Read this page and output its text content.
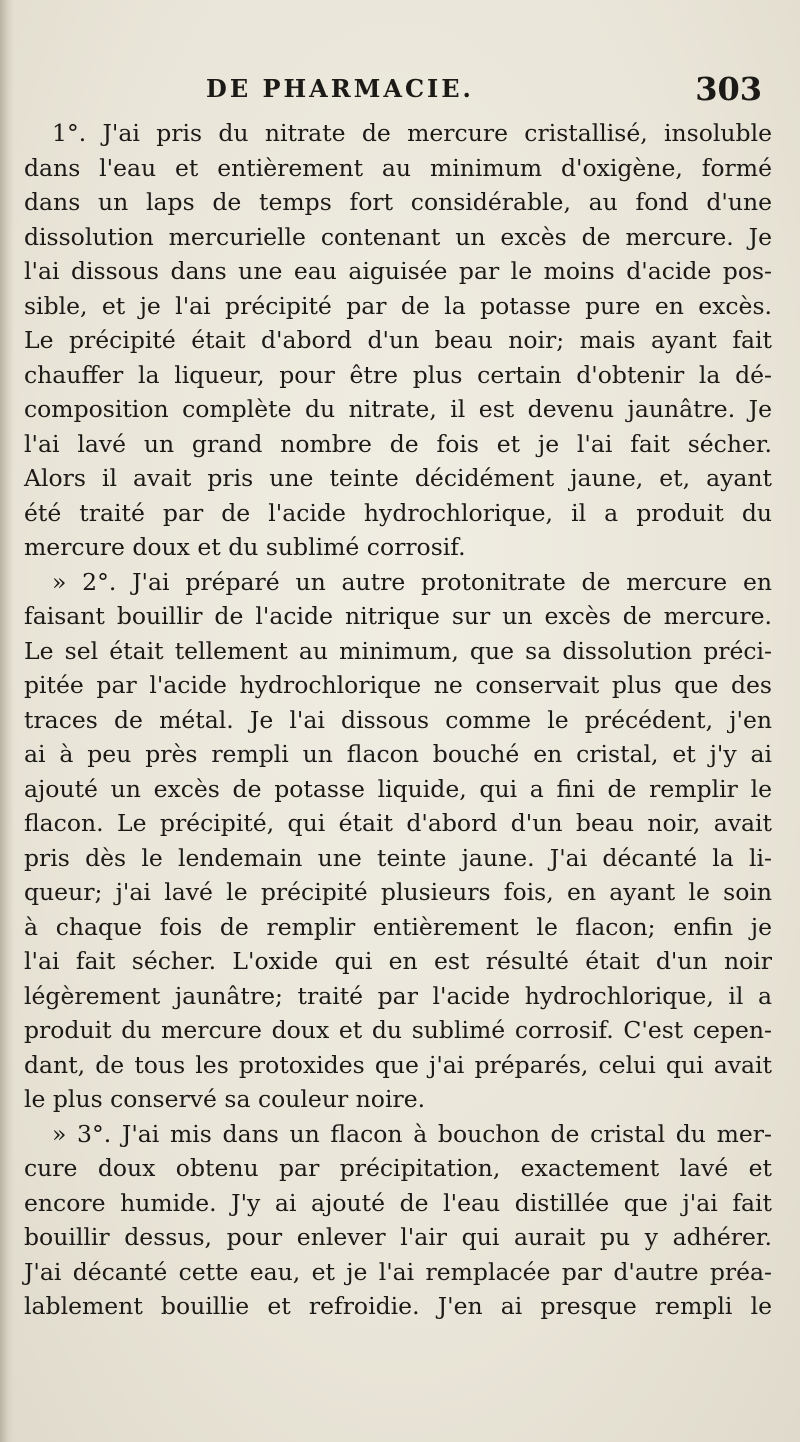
DE PHARMACIE.	303
1°. J'ai pris du nitrate de mercure cristallisé, insoluble
dans l'eau et entièrement au minimum d'oxigène, formé
dans un laps de temps fort considérable, au fond d'une
dissolution mercurielle contenant un excès de mercure. Je
l'ai dissous dans une eau aiguisée par le moins d'acide pos-
sible, et je l'ai précipité par de la potasse pure en excès.
Le précipité était d'abord d'un beau noir; mais ayant fait
chauffer la liqueur, pour être plus certain d'obtenir la dé-
composition complète du nitrate, il est devenu jaunâtre. Je
l'ai lavé un grand nombre de fois et je l'ai fait sécher.
Alors il avait pris une teinte décidément jaune, et, ayant
été traité par de l'acide hydrochlorique, il a produit du
mercure doux et du sublimé corrosif.
» 2°. J'ai préparé un autre protonitrate de mercure en
faisant bouillir de l'acide nitrique sur un excès de mercure.
Le sel était tellement au minimum, que sa dissolution préci-
pitée par l'acide hydrochlorique ne conservait plus que des
traces de métal. Je l'ai dissous comme le précédent, j'en
ai à peu près rempli un flacon bouché en cristal, et j'y ai
ajouté un excès de potasse liquide, qui a fini de remplir le
flacon. Le précipité, qui était d'abord d'un beau noir, avait
pris dès le lendemain une teinte jaune. J'ai décanté la li-
queur; j'ai lavé le précipité plusieurs fois, en ayant le soin
à chaque fois de remplir entièrement le flacon; enfin je
l'ai fait sécher. L'oxide qui en est résulté était d'un noir
légèrement jaunâtre; traité par l'acide hydrochlorique, il a
produit du mercure doux et du sublimé corrosif. C'est cepen-
dant, de tous les protoxides que j'ai préparés, celui qui avait
le plus conservé sa couleur noire.
» 3°. J'ai mis dans un flacon à bouchon de cristal du mer-
cure doux obtenu par précipitation, exactement lavé et
encore humide. J'y ai ajouté de l'eau distillée que j'ai fait
bouillir dessus, pour enlever l'air qui aurait pu y adhérer.
J'ai décanté cette eau, et je l'ai remplacée par d'autre préa-
lablement bouillie et refroidie. J'en ai presque rempli le
